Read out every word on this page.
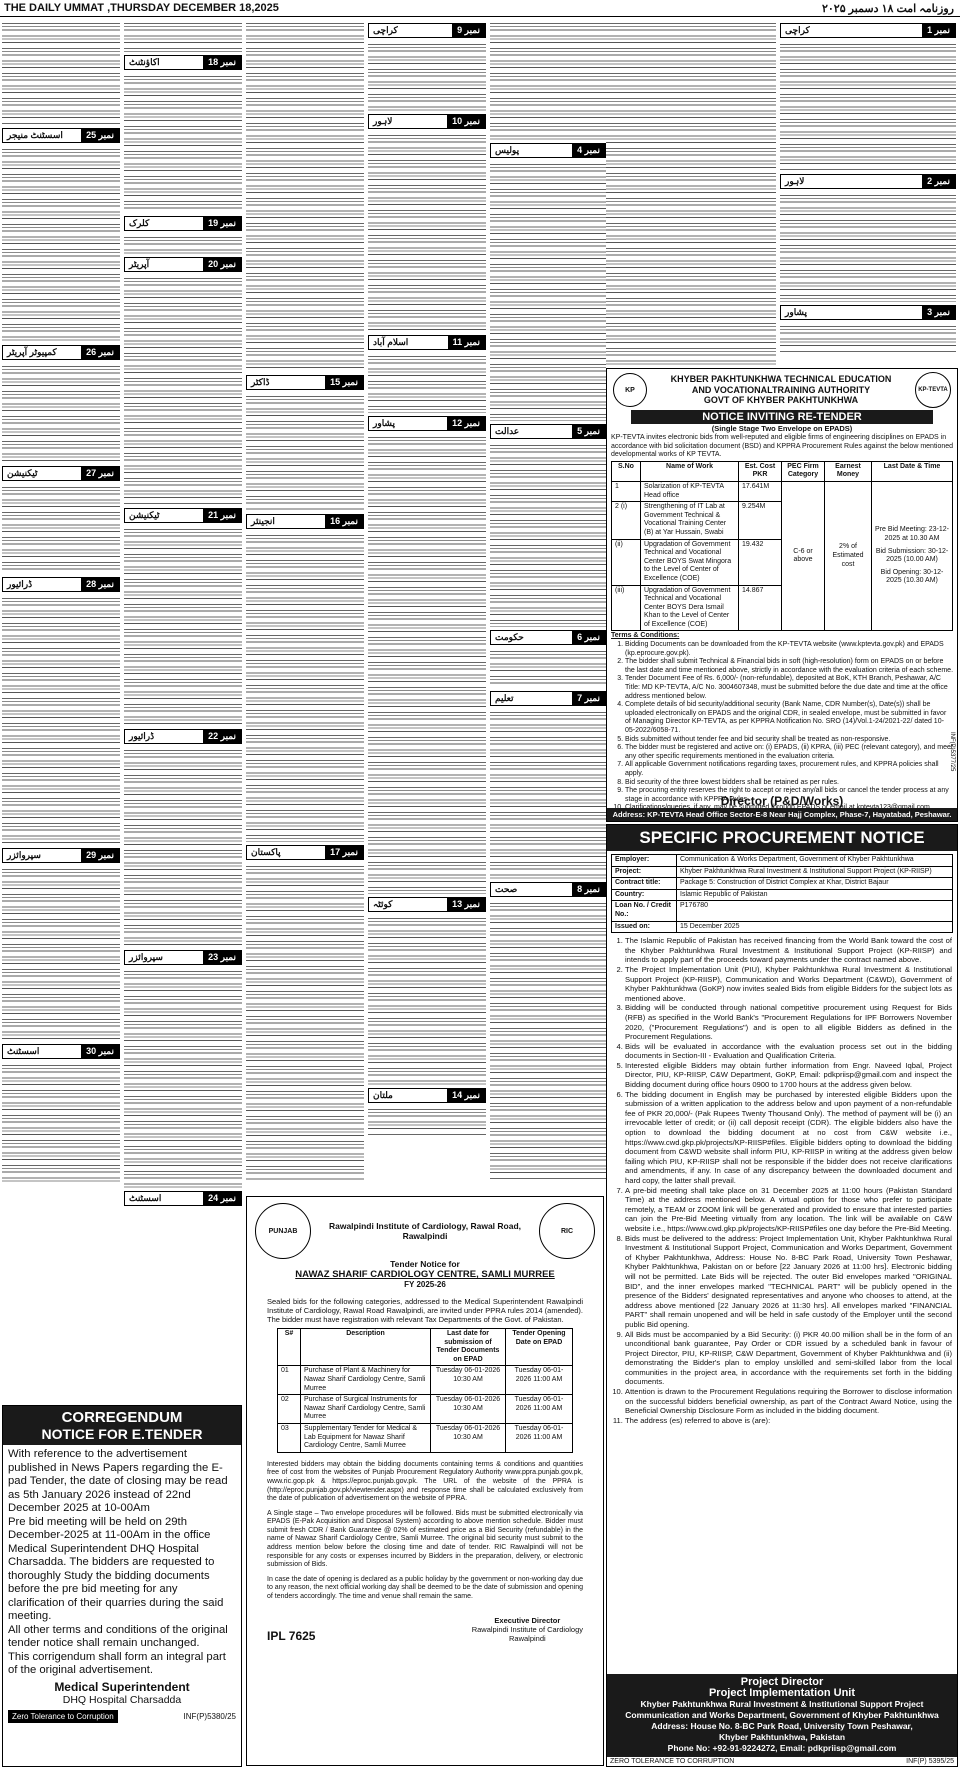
THE DAILY UMMAT ,THURSDAY DECEMBER 18,2025	روزنامہ امت ۱۸ دسمبر ۲۰۲۵
نمبر 25
اسسٹنٹ منیجر
نمبر 26
کمپیوٹر آپریٹر
نمبر 27
ٹیکنیشن
نمبر 28
ڈرائیور
نمبر 29
سپروائزر
نمبر 30
اسسٹنٹ
نمبر 18
اکاؤنٹنٹ
نمبر 19
کلرک
نمبر 20
آپریٹر
نمبر 21
ٹیکنیشن
نمبر 22
ڈرائیور
نمبر 23
سپروائزر
نمبر 24
اسسٹنٹ
نمبر 15
ڈاکٹر
نمبر 16
انجینئر
نمبر 17
پاکستان
نمبر 9
کراچی
نمبر 10
لاہور
نمبر 11
اسلام آباد
نمبر 12
پشاور
نمبر 13
کوئٹہ
نمبر 14
ملتان
نمبر 4
پولیس
نمبر 5
عدالت
نمبر 6
حکومت
نمبر 7
تعلیم
نمبر 8
صحت
نمبر 1
کراچی
نمبر 2
لاہور
نمبر 3
پشاور
CORREGENDUM
NOTICE FOR E.TENDER
With reference to the advertisement published in News Papers regarding the E-pad Tender, the date of closing may be read as 5th January 2026 instead of 22nd December 2025 at 10-00Am
Pre bid meeting will be held on 29th December-2025 at 11-00Am in the office Medical Superintendent DHQ Hospital Charsadda. The bidders are requested to thoroughly Study the bidding documents before the pre bid meeting for any clarification of their quarries during the said meeting.
All other terms and conditions of the original tender notice shall remain unchanged.
This corrigendum shall form an integral part of the original advertisement.
Medical Superintendent
DHQ Hospital Charsadda
Zero Tolerance to Corruption	INF(P)5380/25
PUNJAB	Rawalpindi Institute of Cardiology, Rawal Road, Rawalpindi	RIC
Tender Notice for
NAWAZ SHARIF CARDIOLOGY CENTRE, SAMLI MURREE
FY 2025-26
Sealed bids for the following categories, addressed to the Medical Superintendent Rawalpindi Institute of Cardiology, Rawal Road Rawalpindi, are invited under PPRA rules 2014 (amended). The bidder must have registration with relevant Tax Departments of the Govt. of Pakistan.
S#	Description	Last date for submission of Tender Documents on EPAD	Tender Opening Date on EPAD
01	Purchase of Plant & Machinery for Nawaz Sharif Cardiology Centre, Samli Murree	Tuesday 06-01-2026 10:30 AM	Tuesday 06-01-2026 11:00 AM
02	Purchase of Surgical Instruments for Nawaz Sharif Cardiology Centre, Samli Murree	Tuesday 06-01-2026 10:30 AM	Tuesday 06-01-2026 11:00 AM
03	Supplementary Tender for Medical & Lab Equipment for Nawaz Sharif Cardiology Centre, Samli Murree	Tuesday 06-01-2026 10:30 AM	Tuesday 06-01-2026 11:00 AM
Interested bidders may obtain the bidding documents containing terms & conditions and quantities free of cost from the websites of Punjab Procurement Regulatory Authority www.ppra.punjab.gov.pk, www.ric.gop.pk & https://eproc.punjab.gov.pk. The URL of the website of the PPRA is (http://eproc.punjab.gov.pk/viewtender.aspx) and response time shall be calculated exclusively from the date of publication of advertisement on the website of PPRA.
A Single stage – Two envelope procedures will be followed. Bids must be submitted electronically via EPADS (E-Pak Acquisition and Disposal System) according to above mention schedule. Bidder must submit fresh CDR / Bank Guarantee @ 02% of estimated price as a Bid Security (refundable) in the name of Nawaz Sharif Cardiology Centre, Samli Murree. The original bid security must submit to the address mention below before the closing time and date of tender. RIC Rawalpindi will not be responsible for any costs or expenses incurred by Bidders in the preparation, delivery, or electronic submission of Bids.
In case the date of opening is declared as a public holiday by the government or non-working day due to any reason, the next official working day shall be deemed to be the date of submission and opening of tenders accordingly. The time and venue shall remain the same.
IPL 7625
Executive Director
Rawalpindi Institute of Cardiology
Rawalpindi
KP
KHYBER PAKHTUNKHWA TECHNICAL EDUCATION
AND VOCATIONALTRAINING AUTHORITY
GOVT OF KHYBER PAKHTUNKHWA
KP-TEVTA
NOTICE INVITING RE-TENDER
(Single Stage Two Envelope on EPADS)
KP-TEVTA invites electronic bids from well-reputed and eligible firms of engineering disciplines on EPADS in accordance with bid solicitation document (BSD) and KPPRA Procurement Rules against the below mentioned developmental works of KP TEVTA.
S.No	Name of Work	Est. Cost PKR	PEC Firm Category	Earnest Money	Last Date & Time
1	Solarization of KP-TEVTA Head office	17.641M	C-6 or above	2% of Estimated cost	Pre Bid Meeting: 23-12-2025 at 10.30 AM
Bid Submission: 30-12-2025 (10.00 AM)
Bid Opening: 30-12-2025 (10.30 AM)

2 (i)	Strengthening of IT Lab at Government Technical & Vocational Training Center (B) at Yar Hussain, Swabi	9.254M			
(ii)	Upgradation of Government Technical and Vocational Center BOYS Swat Mingora to the Level of Center of Excellence (COE)	19.432			
(iii)	Upgradation of Government Technical and Vocational Center BOYS Dera Ismail Khan to the Level of Center of Excellence (COE)	14.867			
Terms & Conditions:
1. Bidding Documents can be downloaded from the KP-TEVTA website (www.kptevta.gov.pk) and EPADS (kp.eprocure.gov.pk).
2. The bidder shall submit Technical & Financial bids in soft (high-resolution) form on EPADS on or before the last date and time mentioned above, strictly in accordance with the evaluation criteria of each scheme.
3. Tender Document Fee of Rs. 6,000/- (non-refundable), deposited at BoK, KTH Branch, Peshawar, A/C Title: MD KP-TEVTA, A/C No. 3004607348, must be submitted before the due date and time at the office address mentioned below.
4. Complete details of bid security/additional security (Bank Name, CDR Number(s), Date(s)) shall be uploaded electronically on EPADS and the original CDR, in sealed envelope, must be submitted in favor of Managing Director KP-TEVTA, as per KPPRA Notification No. SRO (14)/Vol.1-24/2021-22/ dated 10-05-2022/6058-71.
5. Bids submitted without tender fee and bid security shall be treated as non-responsive.
6. The bidder must be registered and active on: (i) EPADS, (ii) KPRA, (iii) PEC (relevant category), and meet any other specific requirements mentioned in the evaluation criteria.
7. All applicable Government notifications regarding taxes, procurement rules, and KPPRA policies shall apply.
8. Bid security of the three lowest bidders shall be retained as per rules.
9. The procuring entity reserves the right to accept or reject any/all bids or cancel the tender process at any stage in accordance with KPPRA Rules.
10.
INF(P)5377/25
Director (P&D/Works)
Address: KP-TEVTA Head Office Sector-E-8 Near Hajj Complex, Phase-7, Hayatabad, Peshawar.
SPECIFIC PROCUREMENT NOTICE
Employer:	Communication & Works Department, Government of Khyber Pakhtunkhwa
Project:	Khyber Pakhtunkhwa Rural Investment & Institutional Support Project (KP-RIISP)
Contract title:	Package 5: Construction of District Complex at Khar, District Bajaur
Country:	Islamic Republic of Pakistan
Loan No. / Credit No.:	P176780
Issued on:	15 December 2025
1. The Islamic Republic of Pakistan has received financing from the World Bank toward the cost of the Khyber Pakhtunkhwa Rural Investment & Institutional Support Project (KP-RIISP) and intends to apply part of the proceeds toward payments under the contract named above.
2. The Project Implementation Unit (PIU), Khyber Pakhtunkhwa Rural Investment & Institutional Support Project (KP-RIISP), Communication and Works Department (C&WD), Government of Khyber Pakhtunkhwa (GoKP) now invites sealed Bids from eligible Bidders for the subject lots as mentioned above.
3. Bidding will be conducted through national competitive procurement using Request for Bids (RFB) as specified in the World Bank's "Procurement Regulations for IPF Borrowers November 2020, ("Procurement Regulations") and is open to all eligible Bidders as defined in the Procurement Regulations.
4. Bids will be evaluated in accordance with the evaluation process set out in the bidding documents in Section-III - Evaluation and Qualification Criteria.
5. Interested eligible Bidders may obtain further information from Engr. Naveed Iqbal, Project Director, PIU, KP-RIISP, C&W Department, GoKP, Email: pdkpriisp@gmail.com and inspect the Bidding document during office hours 0900 to 1700 hours at the address given below.
6. The bidding document in English may be purchased by interested eligible Bidders upon the submission of a written application to the address below and upon payment of a non-refundable fee of PKR 20,000/- (Pak Rupees Twenty Thousand Only). The method of payment will be (i) an irrevocable letter of credit; or (ii) call deposit receipt (CDR). The eligible bidders also have the option to download the bidding document at no cost from C&W website i.e., https://www.cwd.gkp.pk/projects/KP-RIISP#files. Eligible bidders opting to download the bidding document from C&WD website shall inform PIU, KP-RIISP in writing at the address given below failing which PIU, KP-RIISP shall not be responsible if the bidder does not receive clarifications and amendments, if any. In case of any discrepancy between the downloaded document and hard copy, the latter shall prevail.
7. A pre-bid meeting shall take place on 31 December 2025 at 11:00 hours (Pakistan Standard Time) at the address mentioned below. A virtual option for those who prefer to participate remotely, a TEAM or ZOOM link will be generated and provided to ensure that interested parties can join the Pre-Bid Meeting virtually from any location. The link will be available on C&W website i.e., https://www.cwd.gkp.pk/projects/KP-RIISP#files one day before the Pre-Bid Meeting.
8. Bids must be delivered to the address: Project Implementation Unit, Khyber Pakhtunkhwa Rural Investment & Institutional Support Project, Communication and Works Department, Government of Khyber Pakhtunkhwa, Address: House No. 8-BC Park Road, University Town Peshawar, Khyber Pakhtunkhwa, Pakistan on or before [22 January 2026 at 11:00 hrs]. Electronic bidding will not be permitted. Late Bids will be rejected. The outer Bid envelopes marked "ORIGINAL BID", and the inner envelopes marked "TECHNICAL PART" will be publicly opened in the presence of the Bidders' designated representatives and anyone who chooses to attend, at the address above mentioned [22 January 2026 at 11:30 hrs]. All envelopes marked "FINANCIAL PART" shall remain unopened and will be held in safe custody of the Employer until the second public Bid opening.
9. All Bids must be accompanied by a Bid Security: (i) PKR 40.00 million shall be in the form of an unconditional bank guarantee, Pay Order or CDR issued by a scheduled bank in favour of Project Director, PIU, KP-RIISP, C&W Department, Government of Khyber Pakhtunkhwa and (ii) demonstrating the Bidder's plan to employ unskilled and semi-skilled labor from the local communities in the project area, in accordance with the requirements set forth in the bidding documents.
10. Attention is drawn to the Procurement Regulations requiring the Borrower to disclose information on the successful bidders beneficial ownership, as part of the Contract Award Notice, using the Beneficial Ownership Disclosure Form as included in the bidding document.
11. The address (es) referred to above is (are):
Project Director
Project Implementation Unit
Khyber Pakhtunkhwa Rural Investment & Institutional Support Project
Communication and Works Department, Government of Khyber Pakhtunkhwa
Address: House No. 8-BC Park Road, University Town Peshawar,
Khyber Pakhtunkhwa, Pakistan
Phone No: +92-91-9224272, Email: pdkpriisp@gmail.com
ZERO TOLERANCE TO CORRUPTION	INF(P) 5395/25
